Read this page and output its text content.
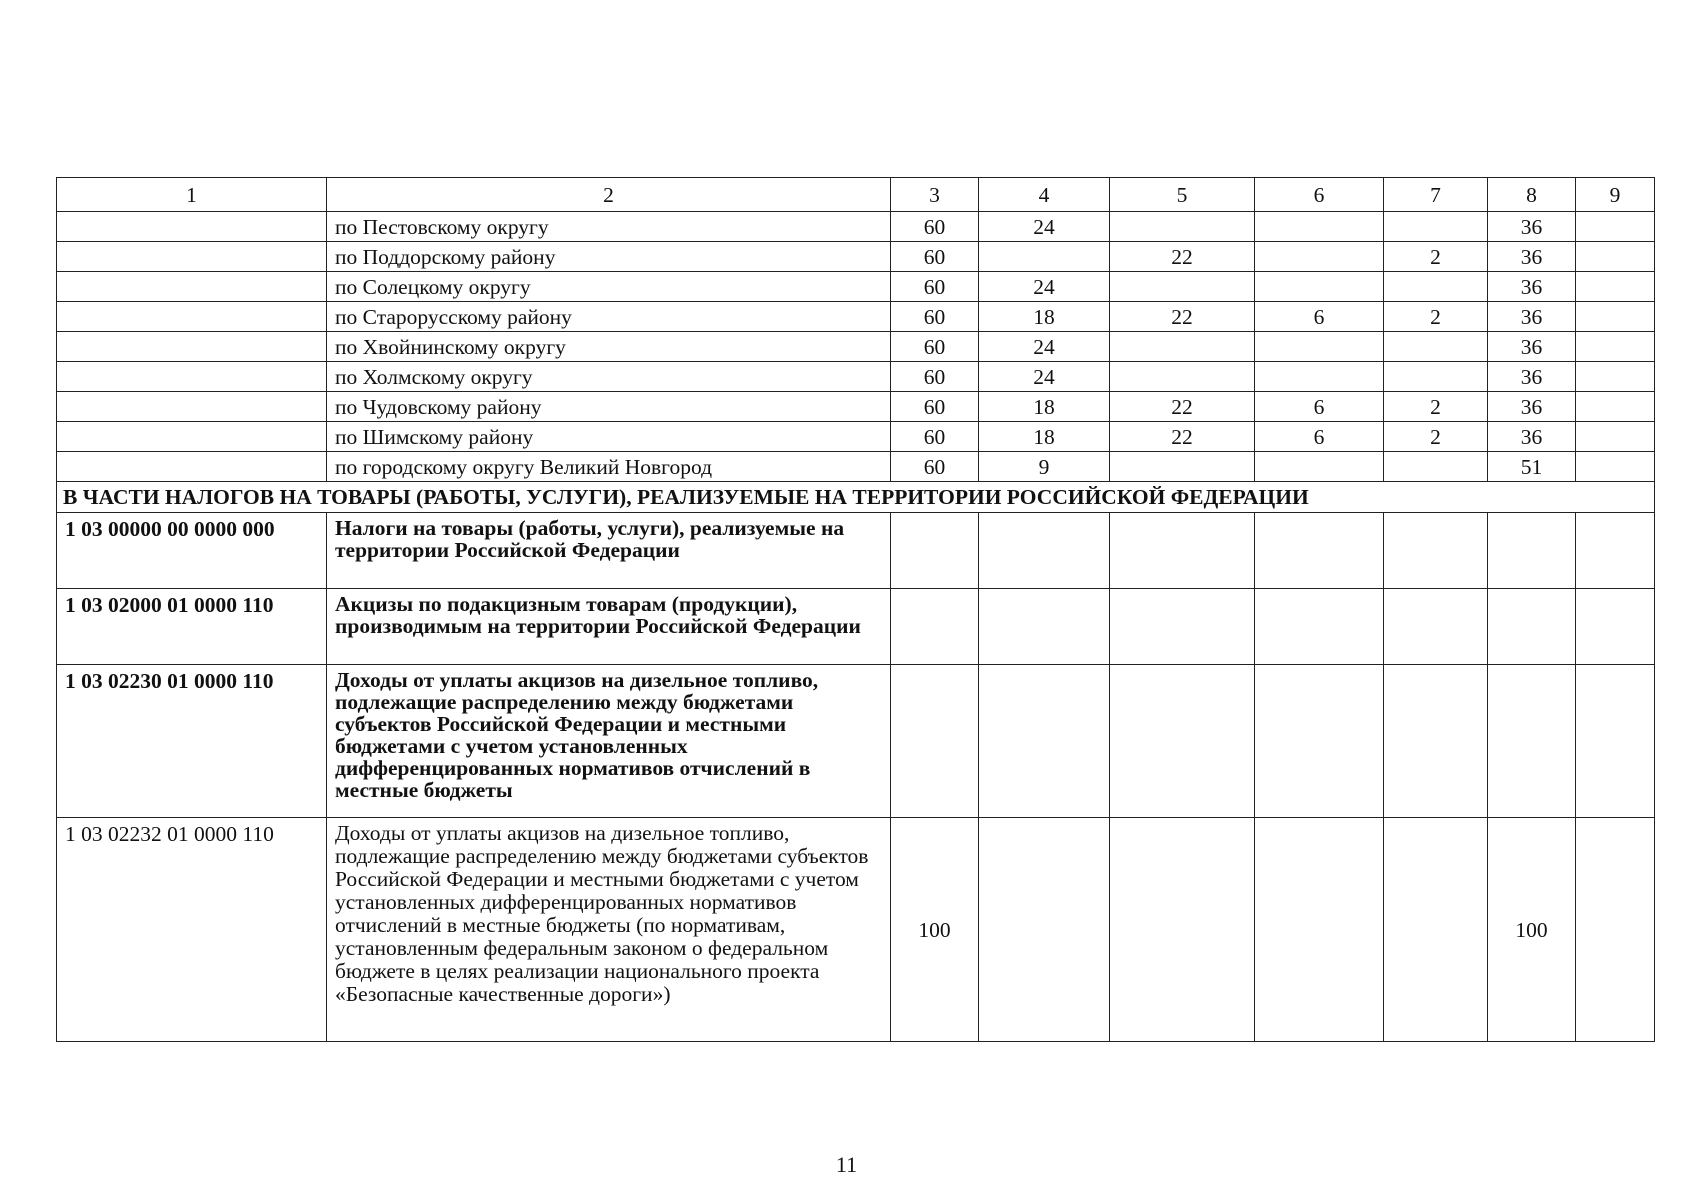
1	2	3	4	5	6	7	8	9
	по Пестовскому округу	60	24				36	
	по Поддорскому району	60		22		2	36	
	по Солецкому округу	60	24				36	
	по Старорусскому району	60	18	22	6	2	36	
	по Хвойнинскому округу	60	24				36	
	по Холмскому округу	60	24				36	
	по Чудовскому району	60	18	22	6	2	36	
	по Шимскому району	60	18	22	6	2	36	
	по городскому округу Великий Новгород	60	9				51	
В ЧАСТИ НАЛОГОВ НА ТОВАРЫ (РАБОТЫ, УСЛУГИ), РЕАЛИЗУЕМЫЕ НА ТЕРРИТОРИИ РОССИЙСКОЙ ФЕДЕРАЦИИ								
1 03 00000 00 0000 000	Налоги на товары (работы, услуги), реализуемые на территории Российской Федерации							
1 03 02000 01 0000 110	Акцизы по подакцизным товарам (продукции), производимым на территории Российской Федерации							
1 03 02230 01 0000 110	Доходы от уплаты акцизов на дизельное топливо, подлежащие распределению между бюджетами субъектов Российской Федерации и местными бюджетами с учетом установленных дифференцированных нормативов отчислений в местные бюджеты							
1 03 02232 01 0000 110	Доходы от уплаты акцизов на дизельное топливо, подлежащие распределению между бюджетами субъектов Российской Федерации и местными бюджетами с учетом установленных дифференцированных нормативов отчислений в местные бюджеты (по нормативам, установленным федеральным законом о федеральном бюджете в целях реализации национального проекта «Безопасные качественные дороги»)	100					100	
11
